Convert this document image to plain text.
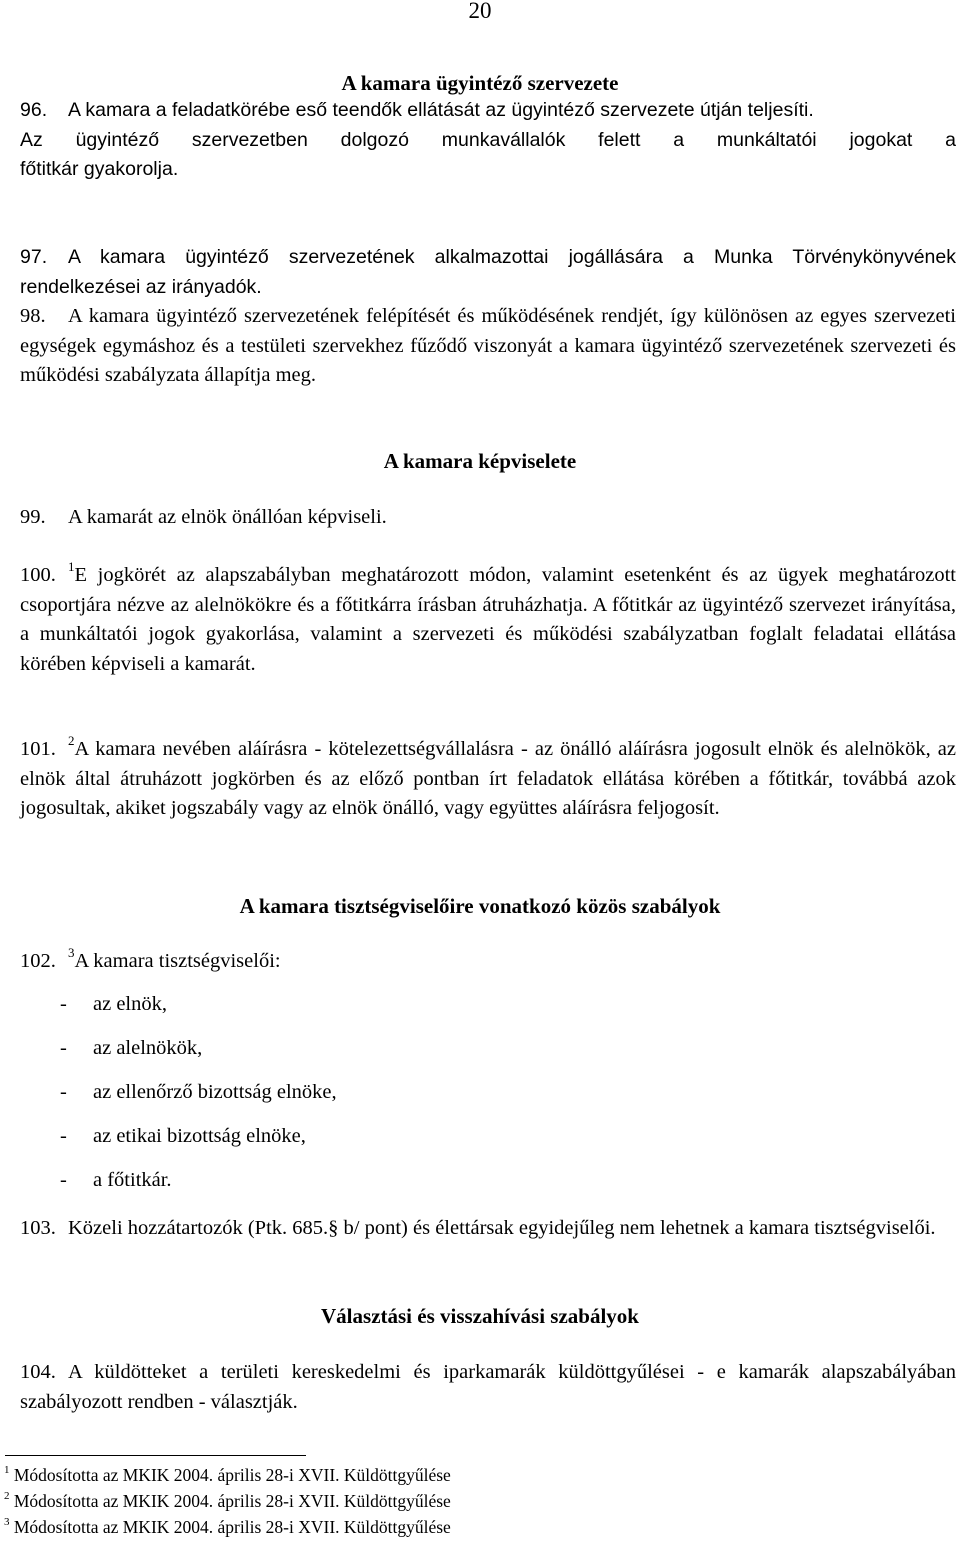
20
A kamara ügyintéző szervezete

96. A kamara a feladatkörébe eső teendők ellátását az ügyintéző szervezete útján teljesíti.

Az ügyintéző szervezetben dolgozó munkavállalók felett a munkáltatói jogokat a

főtitkár gyakorolja.

97. A kamara ügyintéző szervezetének alkalmazottai jogállására a Munka Törvénykönyvének rendelkezései az irányadók.

98. A kamara ügyintéző szervezetének felépítését és működésének rendjét, így különösen az egyes szervezeti egységek egymáshoz és a testületi szervekhez fűződő viszonyát a kamara ügyintéző szervezetének szervezeti és működési szabályzata állapítja meg.

A kamara képviselete

99. A kamarát az elnök önállóan képviseli.

100. $^1$E jogkörét az alapszabályban meghatározott módon, valamint esetenként és az ügyek meghatározott csoportjára nézve az alelnökökre és a főtitkárra írásban átruházhatja. A főtitkár az ügyintéző szervezet irányítása, a munkáltatói jogok gyakorlása, valamint a szervezeti és működési szabályzatban foglalt feladatai ellátása körében képviseli a kamarát.

101. $^2$A kamara nevében aláírásra - kötelezettségvállalásra - az önálló aláírásra jogosult elnök és alelnökök, az elnök által átruházott jogkörben és az előző pontban írt feladatok ellátása körében a főtitkár, továbbá azok jogosultak, akiket jogszabály vagy az elnök önálló, vagy együttes aláírásra feljogosít.

A kamara tisztségviselőire vonatkozó közös szabályok

102. $^3$A kamara tisztségviselői:

- az elnök,
- az alelnökök,
- az ellenőrző bizottság elnöke,
- az etikai bizottság elnöke,
- a főtitkár.

103. Közeli hozzátartozók (Ptk. 685.§ b/ pont) és élettársak egyidejűleg nem lehetnek a kamara tisztségviselői.

Választási és visszahívási szabályok

104. A küldötteket a területi kereskedelmi és iparkamarák küldöttgyűlései - e kamarák alapszabályában szabályozott rendben - választják.

$^1$ Módosította az MKIK 2004. április 28-i XVII. Küldöttgyűlése
$^2$ Módosította az MKIK 2004. április 28-i XVII. Küldöttgyűlése
$^3$ Módosította az MKIK 2004. április 28-i XVII. Küldöttgyűlése
